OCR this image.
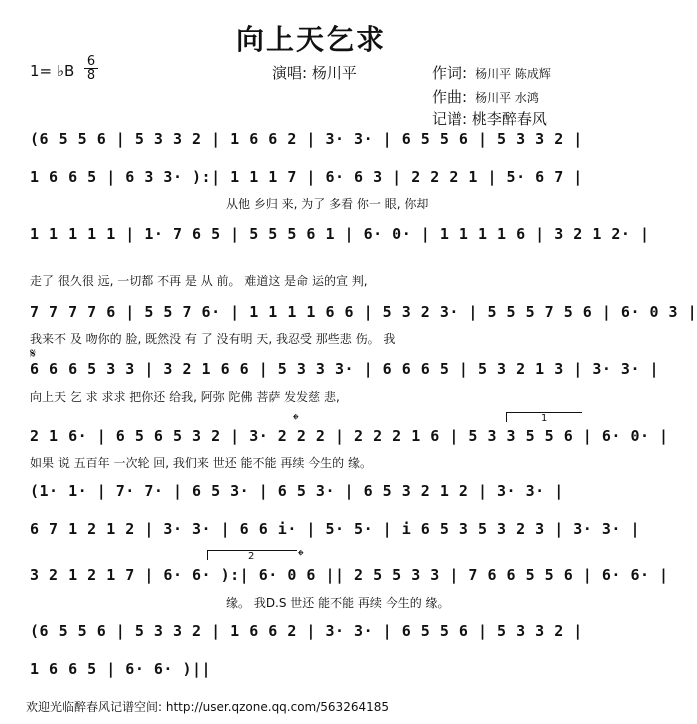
向上天乞求
1= ♭B $\frac{6}{8}$	演唱: 杨川平	作词: 杨川平 陈成辉
作曲: 杨川平 水鸿
记谱: 桃李醉春风
(6 5 5 6 | 5 3 3 2 | 1 6 6 2 | 3· 3· | 6 5 5 6 | 5 3 3 2 |
1 6 6 5 | 6 3 3· ):| 1 1 1 7 | 6· 6 3 | 2 2 2 1 | 5· 6 7 |
从他 乡归 来, 为了 多看 你一 眼, 你却
1 1 1 1 1 | 1· 7 6 5 | 5 5 5 6 1 | 6· 0· | 1 1 1 1 6 | 3 2 1 2· |
走了 很久很 远, 一切都 不再 是 从 前。 难道这 是命 运的宣 判,
7 7 7 7 6 | 5 5 7 6· | 1 1 1 1 6 6 | 5 3 2 3· | 5 5 5 7 5 6 | 6· 0 3 |
我来不 及 吻你的 脸, 既然没 有 了 没有明 天, 我忍受 那些悲 伤。 我
𝄋
6 6 6 5 3 3 | 3 2 1 6 6 | 5 3 3 3· | 6 6 6 5 | 5 3 2 1 3 | 3· 3· |
向上天 乞 求 求求 把你还 给我, 阿弥 陀佛 菩萨 发发慈 悲,
𝄌	1
2 1 6· | 6 5 6 5 3 2 | 3· 2 2 2 | 2 2 2 1 6 | 5 3 3 5 5 6 | 6· 0· |
如果 说 五百年 一次轮 回, 我们来 世还 能不能 再续 今生的 缘。
(1· 1· | 7· 7· | 6 5 3· | 6 5 3· | 6 5 3 2 1 2 | 3· 3· |
6 7 1 2 1 2 | 3· 3· | 6 6 i· | 5· 5· | i 6 5 3 5 3 2 3 | 3· 3· |
2	𝄌
3 2 1 2 1 7 | 6· 6· ):| 6· 0 6 || 2 5 5 3 3 | 7 6 6 5 5 6 | 6· 6· |
缘。 我D.S 世还 能不能 再续 今生的 缘。
(6 5 5 6 | 5 3 3 2 | 1 6 6 2 | 3· 3· | 6 5 5 6 | 5 3 3 2 |
1 6 6 5 | 6· 6· )||
欢迎光临醉春风记谱空间: http://user.qzone.qq.com/563264185
